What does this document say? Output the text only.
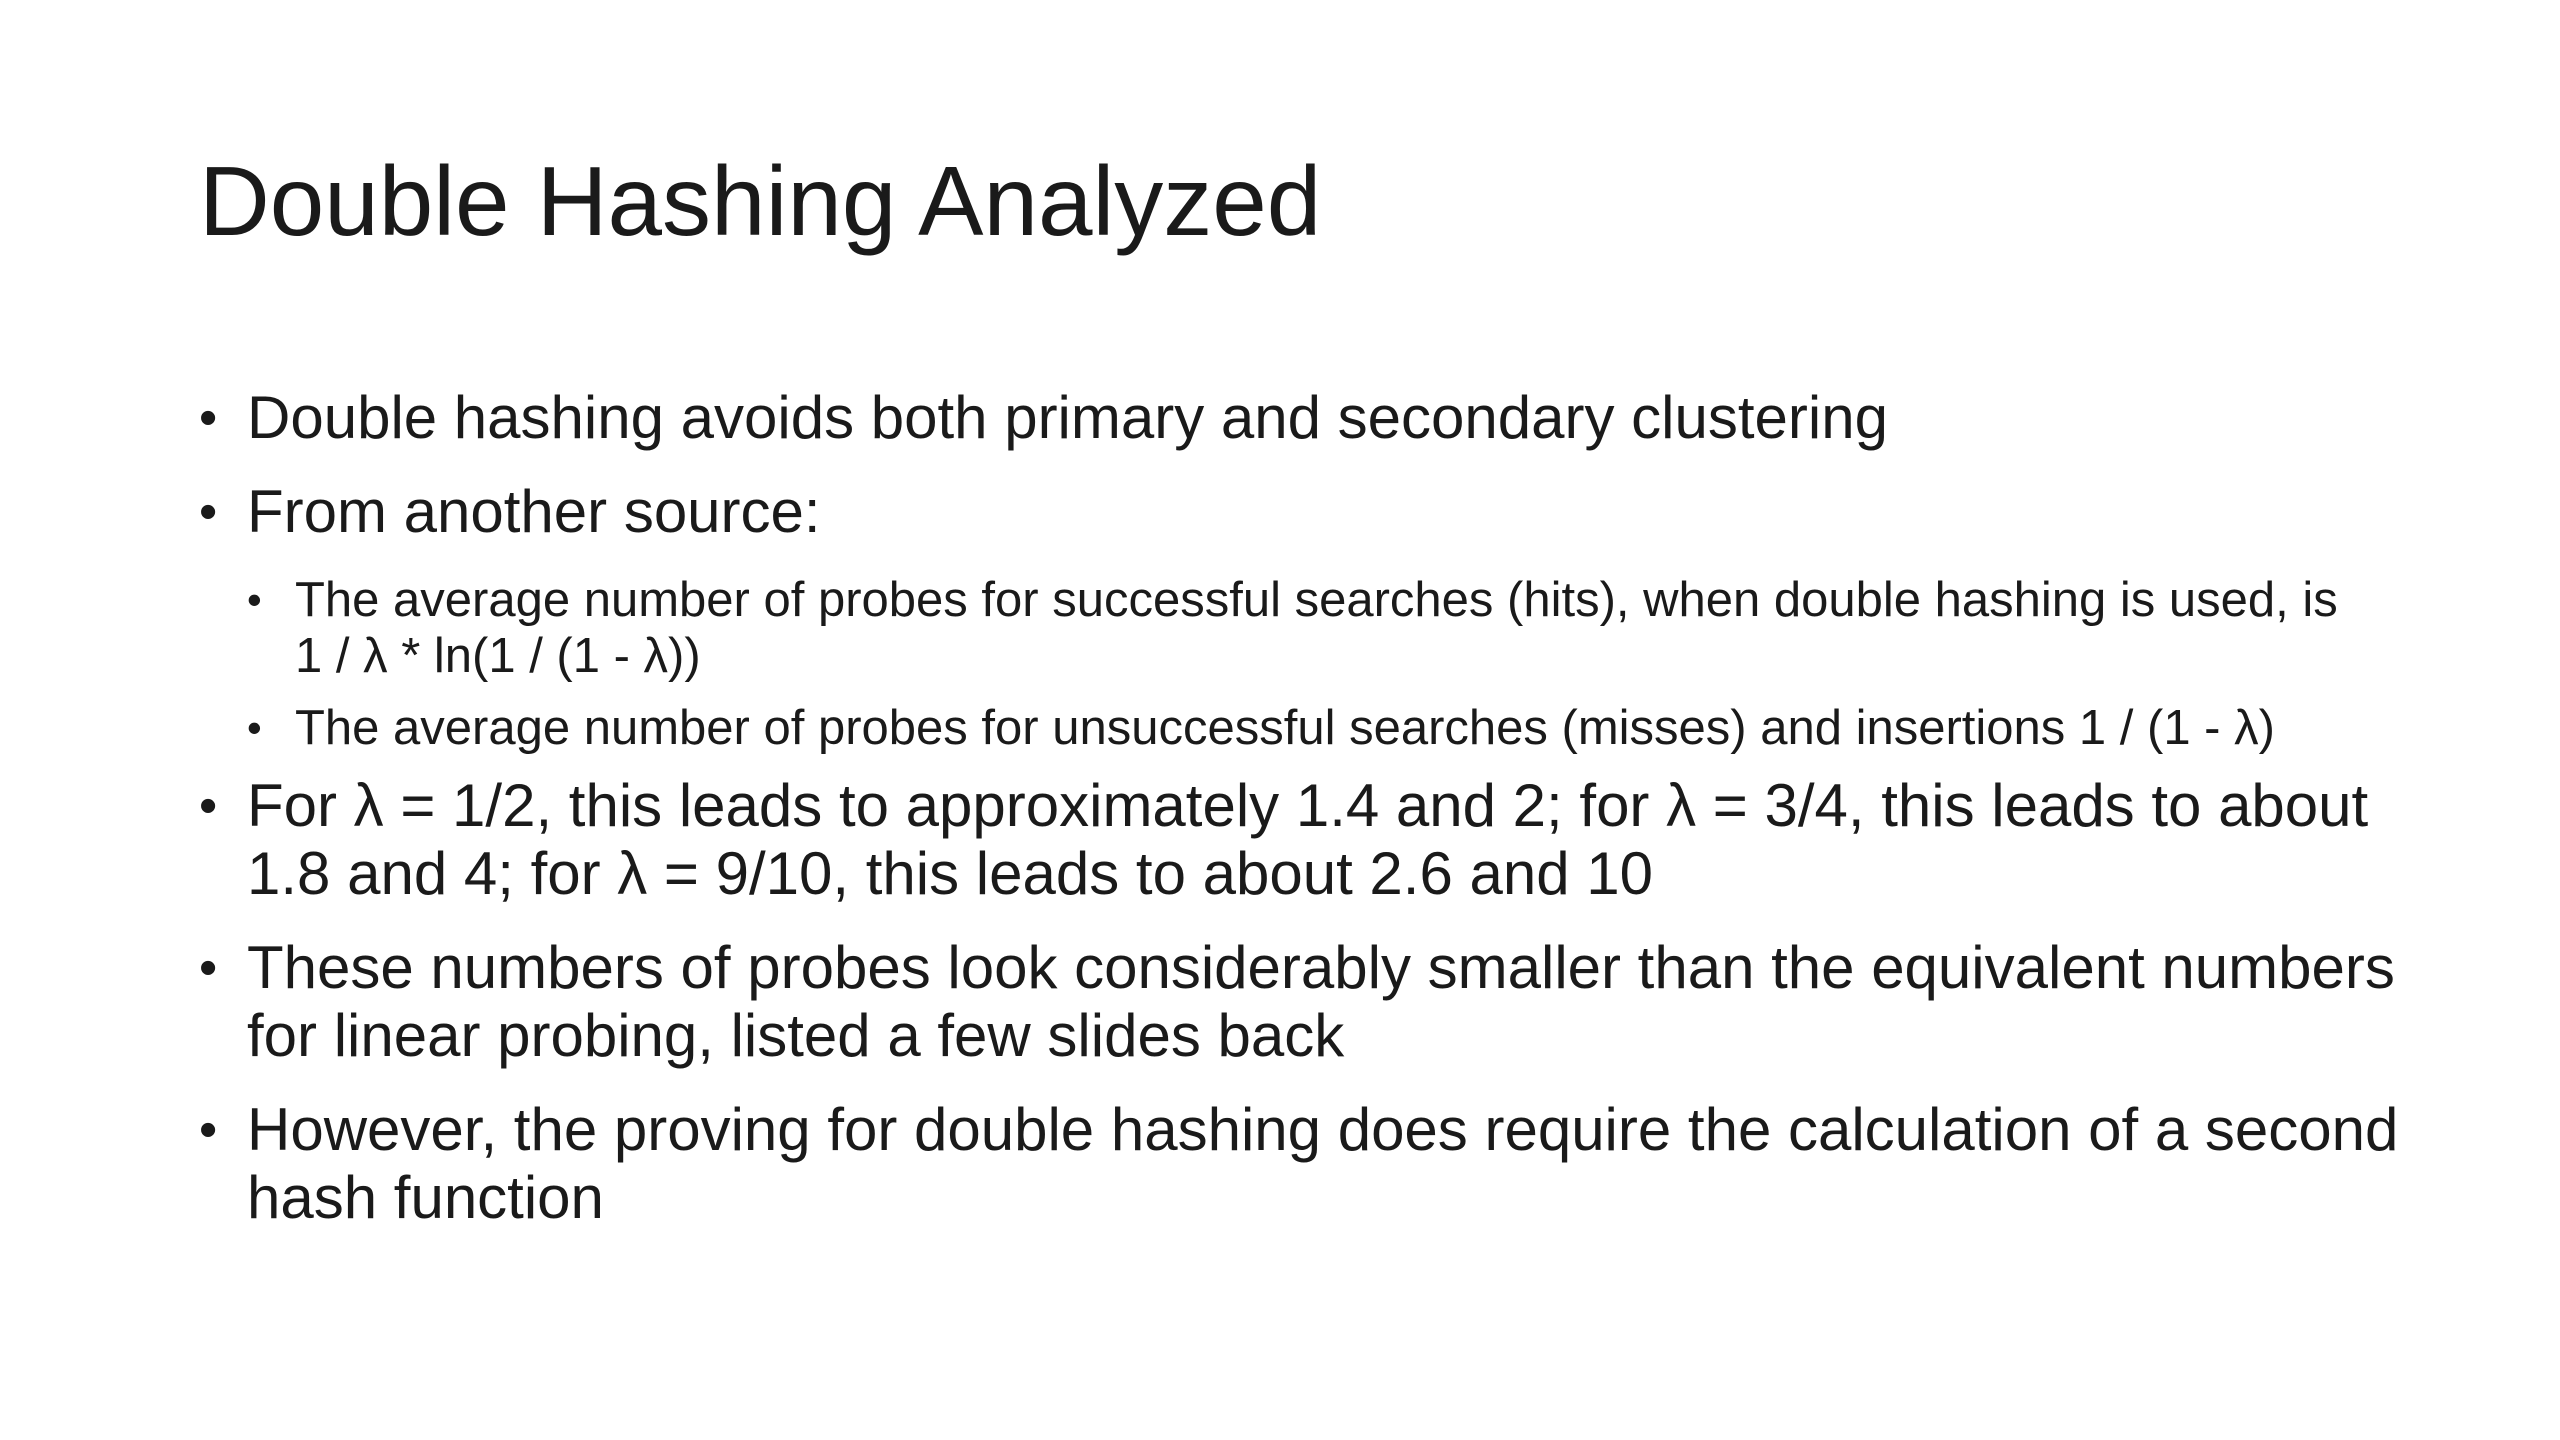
Double Hashing Analyzed
• Double hashing avoids both primary and secondary clustering
• From another source:
• The average number of probes for successful searches (hits), when double hashing is used, is 1 / λ * ln(1 / (1 - λ))
• The average number of probes for unsuccessful searches (misses) and insertions 1 / (1 - λ)
• For λ = 1/2, this leads to approximately 1.4 and 2; for λ = 3/4, this leads to about 1.8 and 4; for λ = 9/10, this leads to about 2.6 and 10
• These numbers of probes look considerably smaller than the equivalent numbers for linear probing, listed a few slides back
• However, the proving for double hashing does require the calculation of a second hash function
